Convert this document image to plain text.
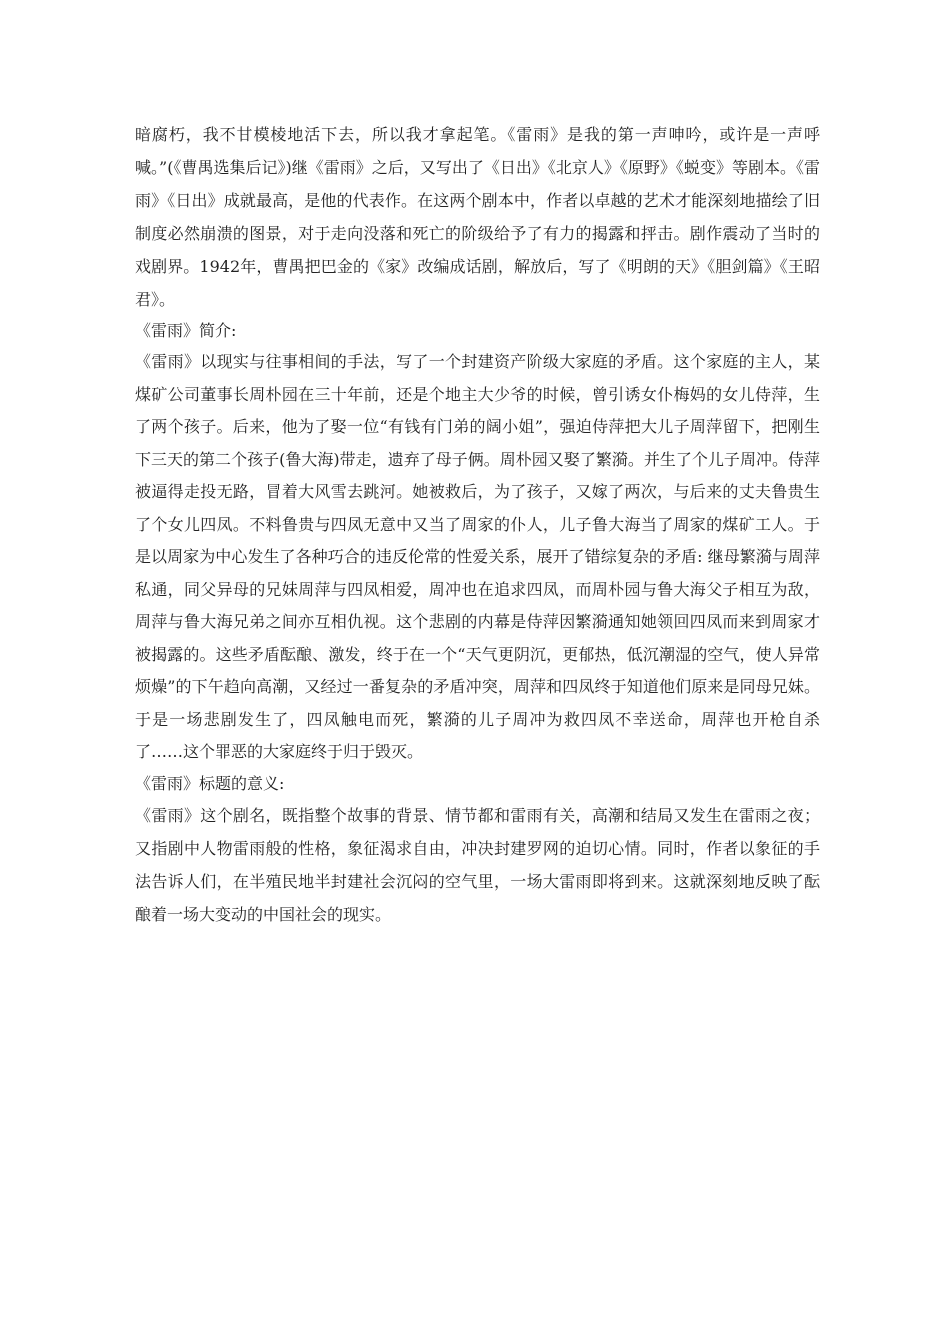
暗腐朽，我不甘模棱地活下去，所以我才拿起笔。《雷雨》是我的第一声呻吟，或许是一声呼喊。”(《曹禺选集后记》)继《雷雨》之后，又写出了《日出》《北京人》《原野》《蜕变》等剧本。《雷雨》《日出》成就最高，是他的代表作。在这两个剧本中，作者以卓越的艺术才能深刻地描绘了旧制度必然崩溃的图景，对于走向没落和死亡的阶级给予了有力的揭露和抨击。剧作震动了当时的戏剧界。1942年，曹禺把巴金的《家》改编成话剧，解放后，写了《明朗的天》《胆剑篇》《王昭君》。

《雷雨》简介:

《雷雨》以现实与往事相间的手法，写了一个封建资产阶级大家庭的矛盾。这个家庭的主人，某煤矿公司董事长周朴园在三十年前，还是个地主大少爷的时候，曾引诱女仆梅妈的女儿侍萍，生了两个孩子。后来，他为了娶一位“有钱有门弟的阔小姐”，强迫侍萍把大儿子周萍留下，把刚生下三天的第二个孩子(鲁大海)带走，遗弃了母子俩。周朴园又娶了繁漪。并生了个儿子周冲。侍萍被逼得走投无路，冒着大风雪去跳河。她被救后，为了孩子，又嫁了两次，与后来的丈夫鲁贵生了个女儿四凤。不料鲁贵与四凤无意中又当了周家的仆人，儿子鲁大海当了周家的煤矿工人。于是以周家为中心发生了各种巧合的违反伦常的性爱关系，展开了错综复杂的矛盾: 继母繁漪与周萍私通，同父异母的兄妹周萍与四凤相爱，周冲也在追求四凤，而周朴园与鲁大海父子相互为敌，周萍与鲁大海兄弟之间亦互相仇视。这个悲剧的内幕是侍萍因繁漪通知她领回四凤而来到周家才被揭露的。这些矛盾酝酿、激发，终于在一个“天气更阴沉，更郁热，低沉潮湿的空气，使人异常烦燥”的下午趋向高潮，又经过一番复杂的矛盾冲突，周萍和四凤终于知道他们原来是同母兄妹。于是一场悲剧发生了，四凤触电而死，繁漪的儿子周冲为救四凤不幸送命，周萍也开枪自杀了……这个罪恶的大家庭终于归于毁灭。

《雷雨》标题的意义:

《雷雨》这个剧名，既指整个故事的背景、情节都和雷雨有关，高潮和结局又发生在雷雨之夜；又指剧中人物雷雨般的性格，象征渴求自由，冲决封建罗网的迫切心情。同时，作者以象征的手法告诉人们，在半殖民地半封建社会沉闷的空气里，一场大雷雨即将到来。这就深刻地反映了酝酿着一场大变动的中国社会的现实。
